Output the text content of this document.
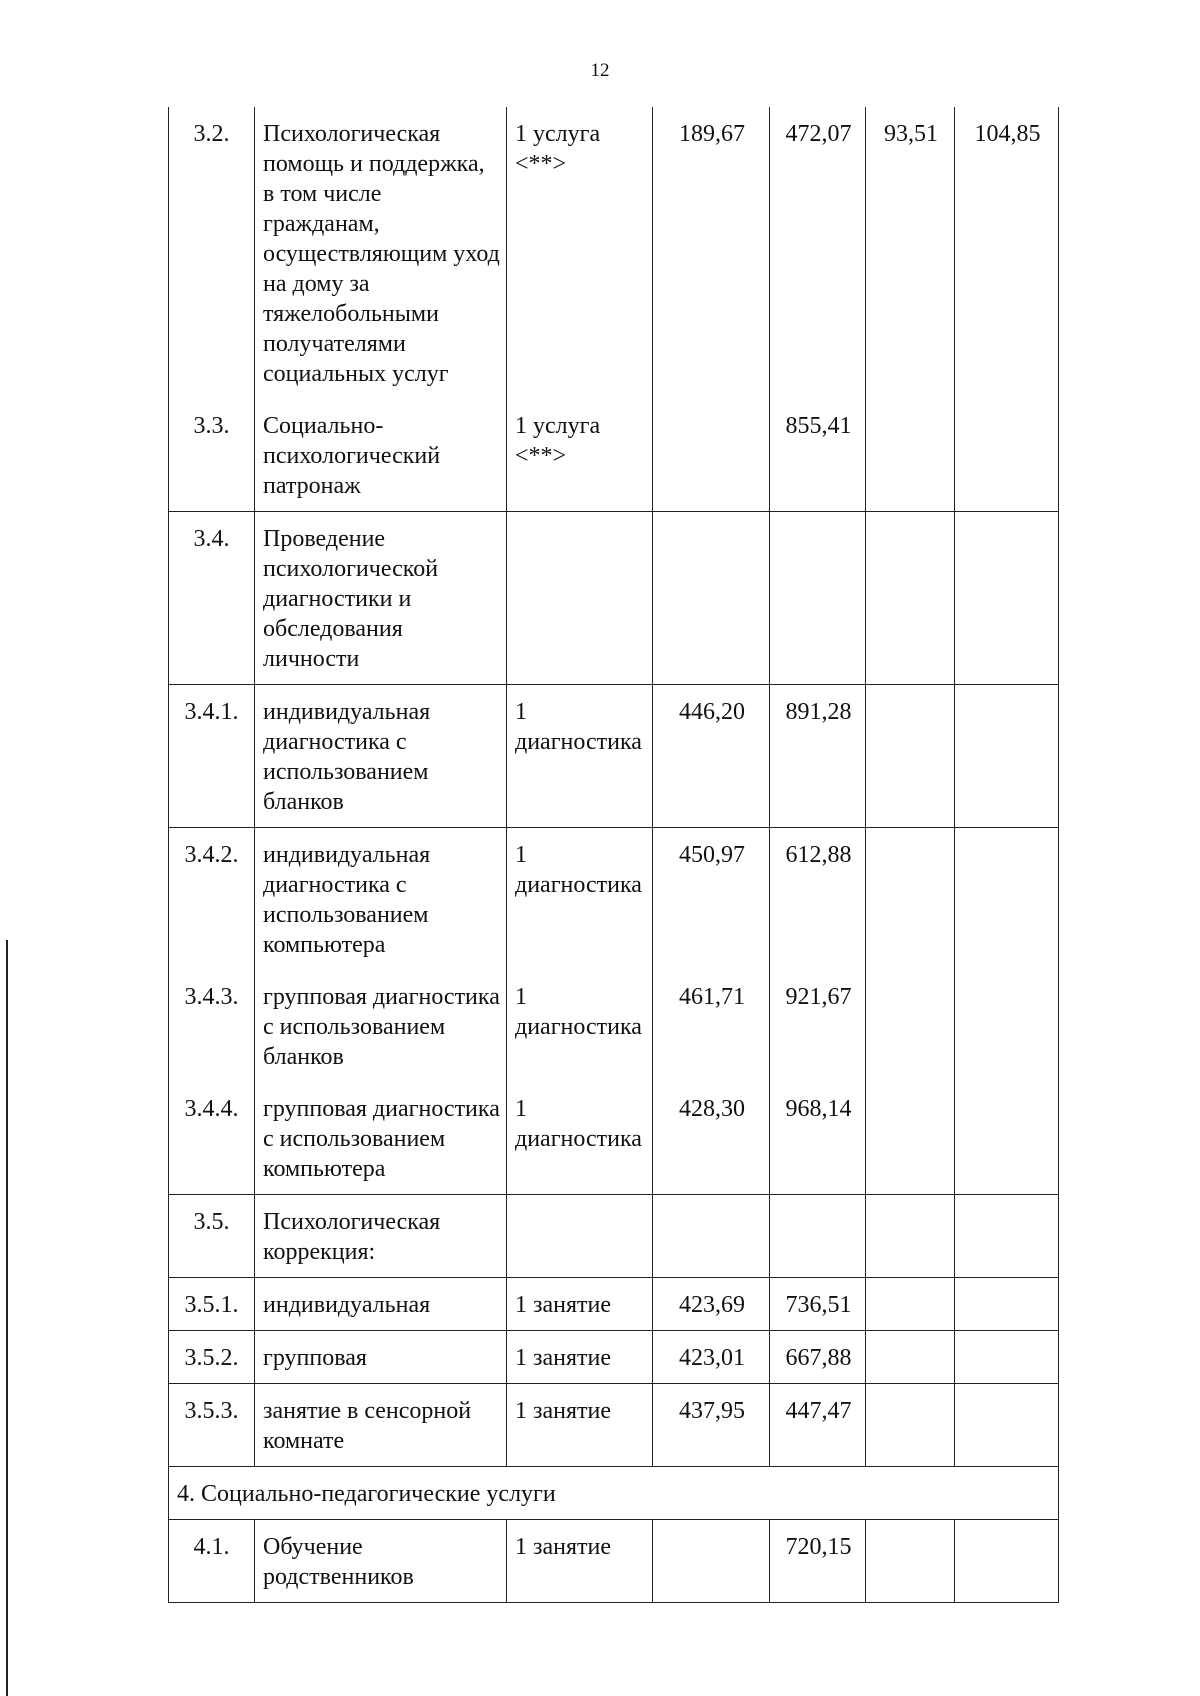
12
3.2.	Психологическая помощь и поддержка, в том числе гражданам, осуществляющим уход на дому за тяжелобольными получателями социальных услуг	1 услуга <**>	189,67	472,07	93,51	104,85
3.3.	Социально-психологический патронаж	1 услуга <**>		855,41		
3.4.	Проведение психологической диагностики и обследования личности					
3.4.1.	индивидуальная диагностика с использованием бланков	1 диагностика	446,20	891,28		
3.4.2.	индивидуальная диагностика с использованием компьютера	1 диагностика	450,97	612,88		
3.4.3.	групповая диагностика с использованием бланков	1 диагностика	461,71	921,67		
3.4.4.	групповая диагностика с использованием компьютера	1 диагностика	428,30	968,14		
3.5.	Психологическая коррекция:					
3.5.1.	индивидуальная	1 занятие	423,69	736,51		
3.5.2.	групповая	1 занятие	423,01	667,88		
3.5.3.	занятие в сенсорной комнате	1 занятие	437,95	447,47		
4. Социально-педагогические услуги						
4.1.	Обучение родственников	1 занятие		720,15		
